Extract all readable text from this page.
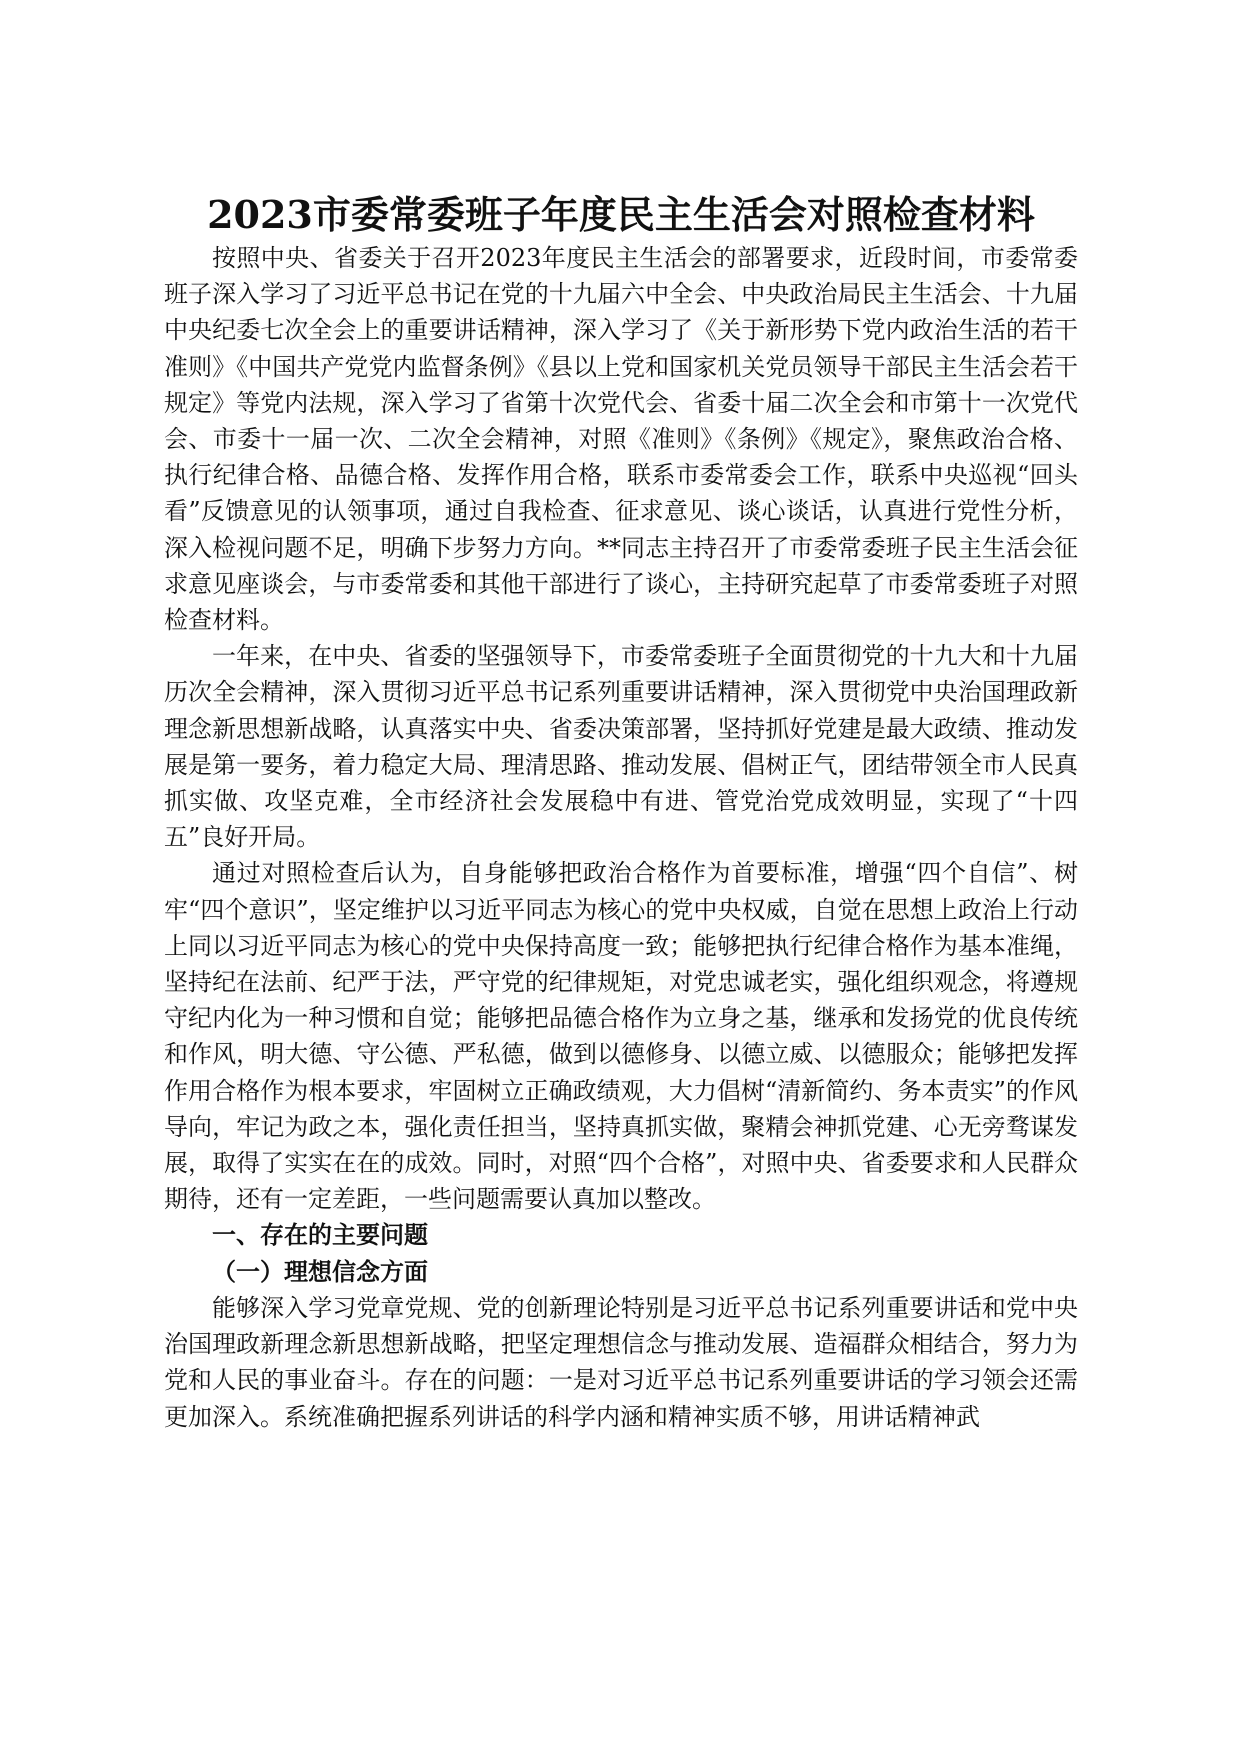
2023市委常委班子年度民主生活会对照检查材料

按照中央、省委关于召开2023年度民主生活会的部署要求，近段时间，市委常委班子深入学习了习近平总书记在党的十九届六中全会、中央政治局民主生活会、十九届中央纪委七次全会上的重要讲话精神，深入学习了《关于新形势下党内政治生活的若干准则》《中国共产党党内监督条例》《县以上党和国家机关党员领导干部民主生活会若干规定》等党内法规，深入学习了省第十次党代会、省委十届二次全会和市第十一次党代会、市委十一届一次、二次全会精神，对照《准则》《条例》《规定》，聚焦政治合格、执行纪律合格、品德合格、发挥作用合格，联系市委常委会工作，联系中央巡视“回头看”反馈意见的认领事项，通过自我检查、征求意见、谈心谈话，认真进行党性分析，深入检视问题不足，明确下步努力方向。**同志主持召开了市委常委班子民主生活会征求意见座谈会，与市委常委和其他干部进行了谈心，主持研究起草了市委常委班子对照检查材料。

一年来，在中央、省委的坚强领导下，市委常委班子全面贯彻党的十九大和十九届历次全会精神，深入贯彻习近平总书记系列重要讲话精神，深入贯彻党中央治国理政新理念新思想新战略，认真落实中央、省委决策部署，坚持抓好党建是最大政绩、推动发展是第一要务，着力稳定大局、理清思路、推动发展、倡树正气，团结带领全市人民真抓实做、攻坚克难，全市经济社会发展稳中有进、管党治党成效明显，实现了“十四五”良好开局。

通过对照检查后认为，自身能够把政治合格作为首要标准，增强“四个自信”、树牢“四个意识”，坚定维护以习近平同志为核心的党中央权威，自觉在思想上政治上行动上同以习近平同志为核心的党中央保持高度一致；能够把执行纪律合格作为基本准绳，坚持纪在法前、纪严于法，严守党的纪律规矩，对党忠诚老实，强化组织观念，将遵规守纪内化为一种习惯和自觉；能够把品德合格作为立身之基，继承和发扬党的优良传统和作风，明大德、守公德、严私德，做到以德修身、以德立威、以德服众；能够把发挥作用合格作为根本要求，牢固树立正确政绩观，大力倡树“清新简约、务本责实”的作风导向，牢记为政之本，强化责任担当，坚持真抓实做，聚精会神抓党建、心无旁骛谋发展，取得了实实在在的成效。同时，对照“四个合格”，对照中央、省委要求和人民群众期待，还有一定差距，一些问题需要认真加以整改。

一、存在的主要问题

（一）理想信念方面

能够深入学习党章党规、党的创新理论特别是习近平总书记系列重要讲话和党中央治国理政新理念新思想新战略，把坚定理想信念与推动发展、造福群众相结合，努力为党和人民的事业奋斗。存在的问题：一是对习近平总书记系列重要讲话的学习领会还需更加深入。系统准确把握系列讲话的科学内涵和精神实质不够，用讲话精神武
